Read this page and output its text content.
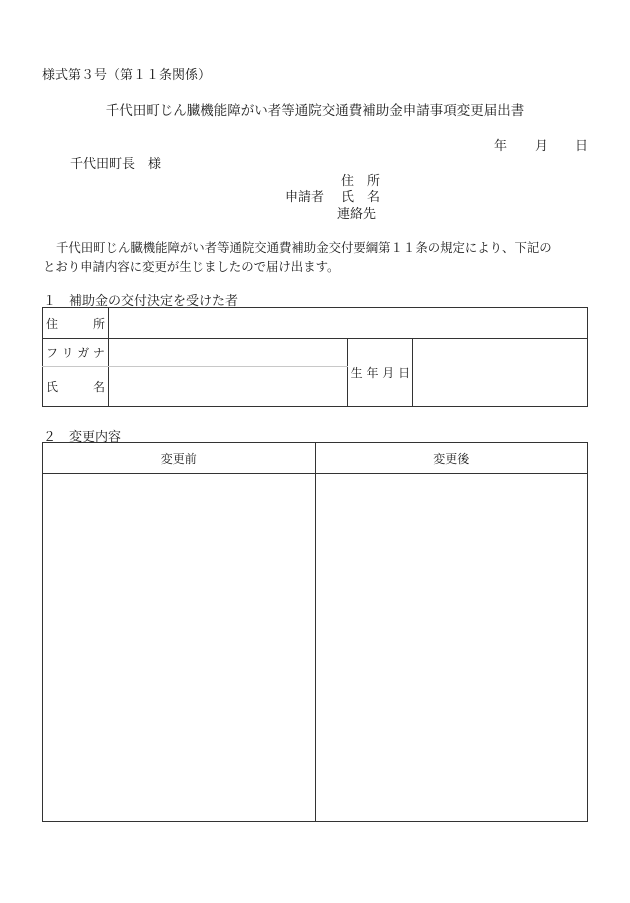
様式第３号（第１１条関係）
千代田町じん臓機能障がい者等通院交通費補助金申請事項変更届出書
年 月 日
千代田町長　様
住　所
申請者 氏　名
連絡先
千代田町じん臓機能障がい者等通院交通費補助金交付要綱第１１条の規定により、下記の
とおり申請内容に変更が生じましたので届け出ます。
１　補助金の交付決定を受けた者
住 所			

フ リ ガ ナ		生 年 月 日	

氏 名			

２　変更内容
変更前	変更後
